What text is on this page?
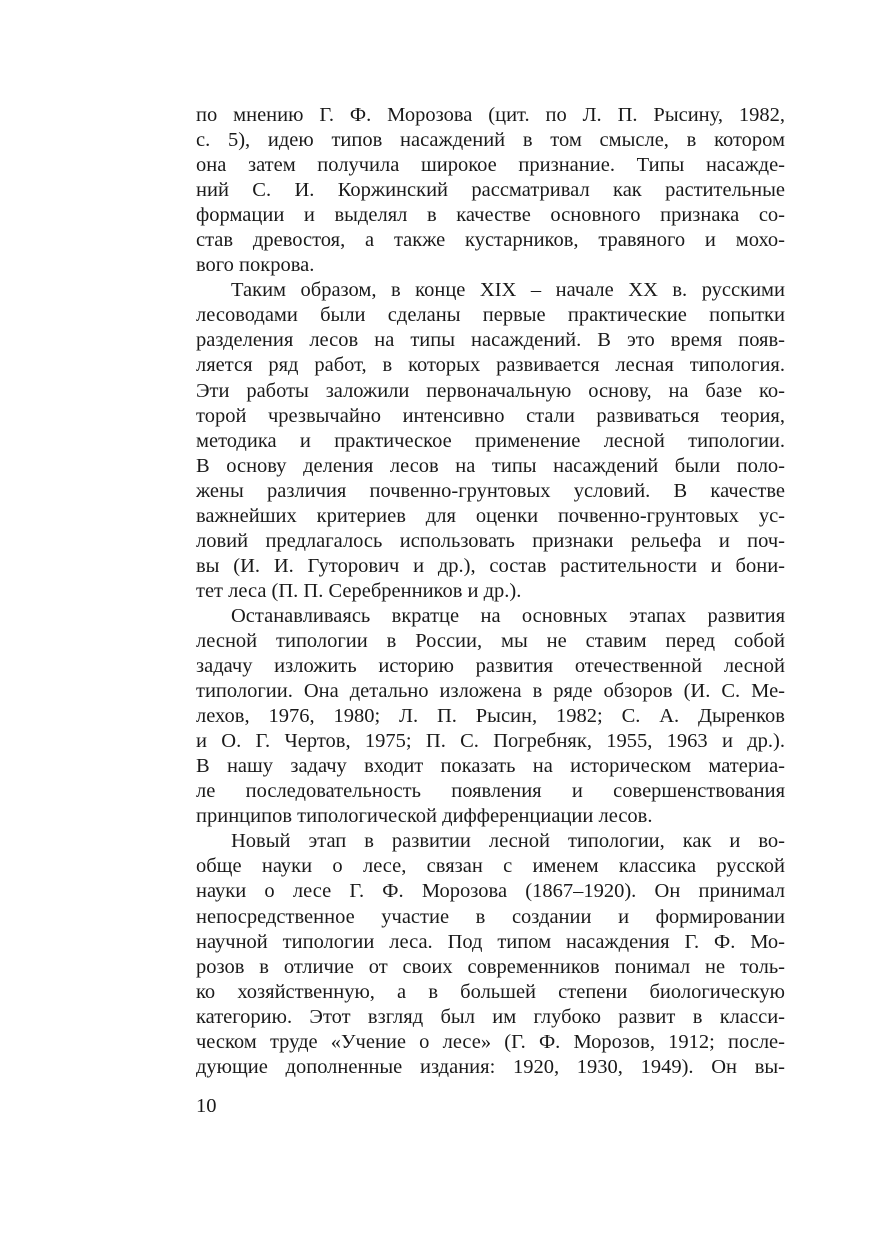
по мнению Г. Ф. Морозова (цит. по Л. П. Рысину, 1982,
с. 5), идею типов насаждений в том смысле, в котором
она затем получила широкое признание. Типы насажде-
ний С. И. Коржинский рассматривал как растительные
формации и выделял в качестве основного признака со-
став древостоя, а также кустарников, травяного и мохо-
вого покрова.
Таким образом, в конце XIX – начале XX в. русскими
лесоводами были сделаны первые практические попытки
разделения лесов на типы насаждений. В это время появ-
ляется ряд работ, в которых развивается лесная типология.
Эти работы заложили первоначальную основу, на базе ко-
торой чрезвычайно интенсивно стали развиваться теория,
методика и практическое применение лесной типологии.
В основу деления лесов на типы насаждений были поло-
жены различия почвенно-грунтовых условий. В качестве
важнейших критериев для оценки почвенно-грунтовых ус-
ловий предлагалось использовать признаки рельефа и поч-
вы (И. И. Гуторович и др.), состав растительности и бони-
тет леса (П. П. Серебренников и др.).
Останавливаясь вкратце на основных этапах развития
лесной типологии в России, мы не ставим перед собой
задачу изложить историю развития отечественной лесной
типологии. Она детально изложена в ряде обзоров (И. С. Ме-
лехов, 1976, 1980; Л. П. Рысин, 1982; С. А. Дыренков
и О. Г. Чертов, 1975; П. С. Погребняк, 1955, 1963 и др.).
В нашу задачу входит показать на историческом материа-
ле последовательность появления и совершенствования
принципов типологической дифференциации лесов.
Новый этап в развитии лесной типологии, как и во-
обще науки о лесе, связан с именем классика русской
науки о лесе Г. Ф. Морозова (1867–1920). Он принимал
непосредственное участие в создании и формировании
научной типологии леса. Под типом насаждения Г. Ф. Мо-
розов в отличие от своих современников понимал не толь-
ко хозяйственную, а в большей степени биологическую
категорию. Этот взгляд был им глубоко развит в класси-
ческом труде «Учение о лесе» (Г. Ф. Морозов, 1912; после-
дующие дополненные издания: 1920, 1930, 1949). Он вы-
10
